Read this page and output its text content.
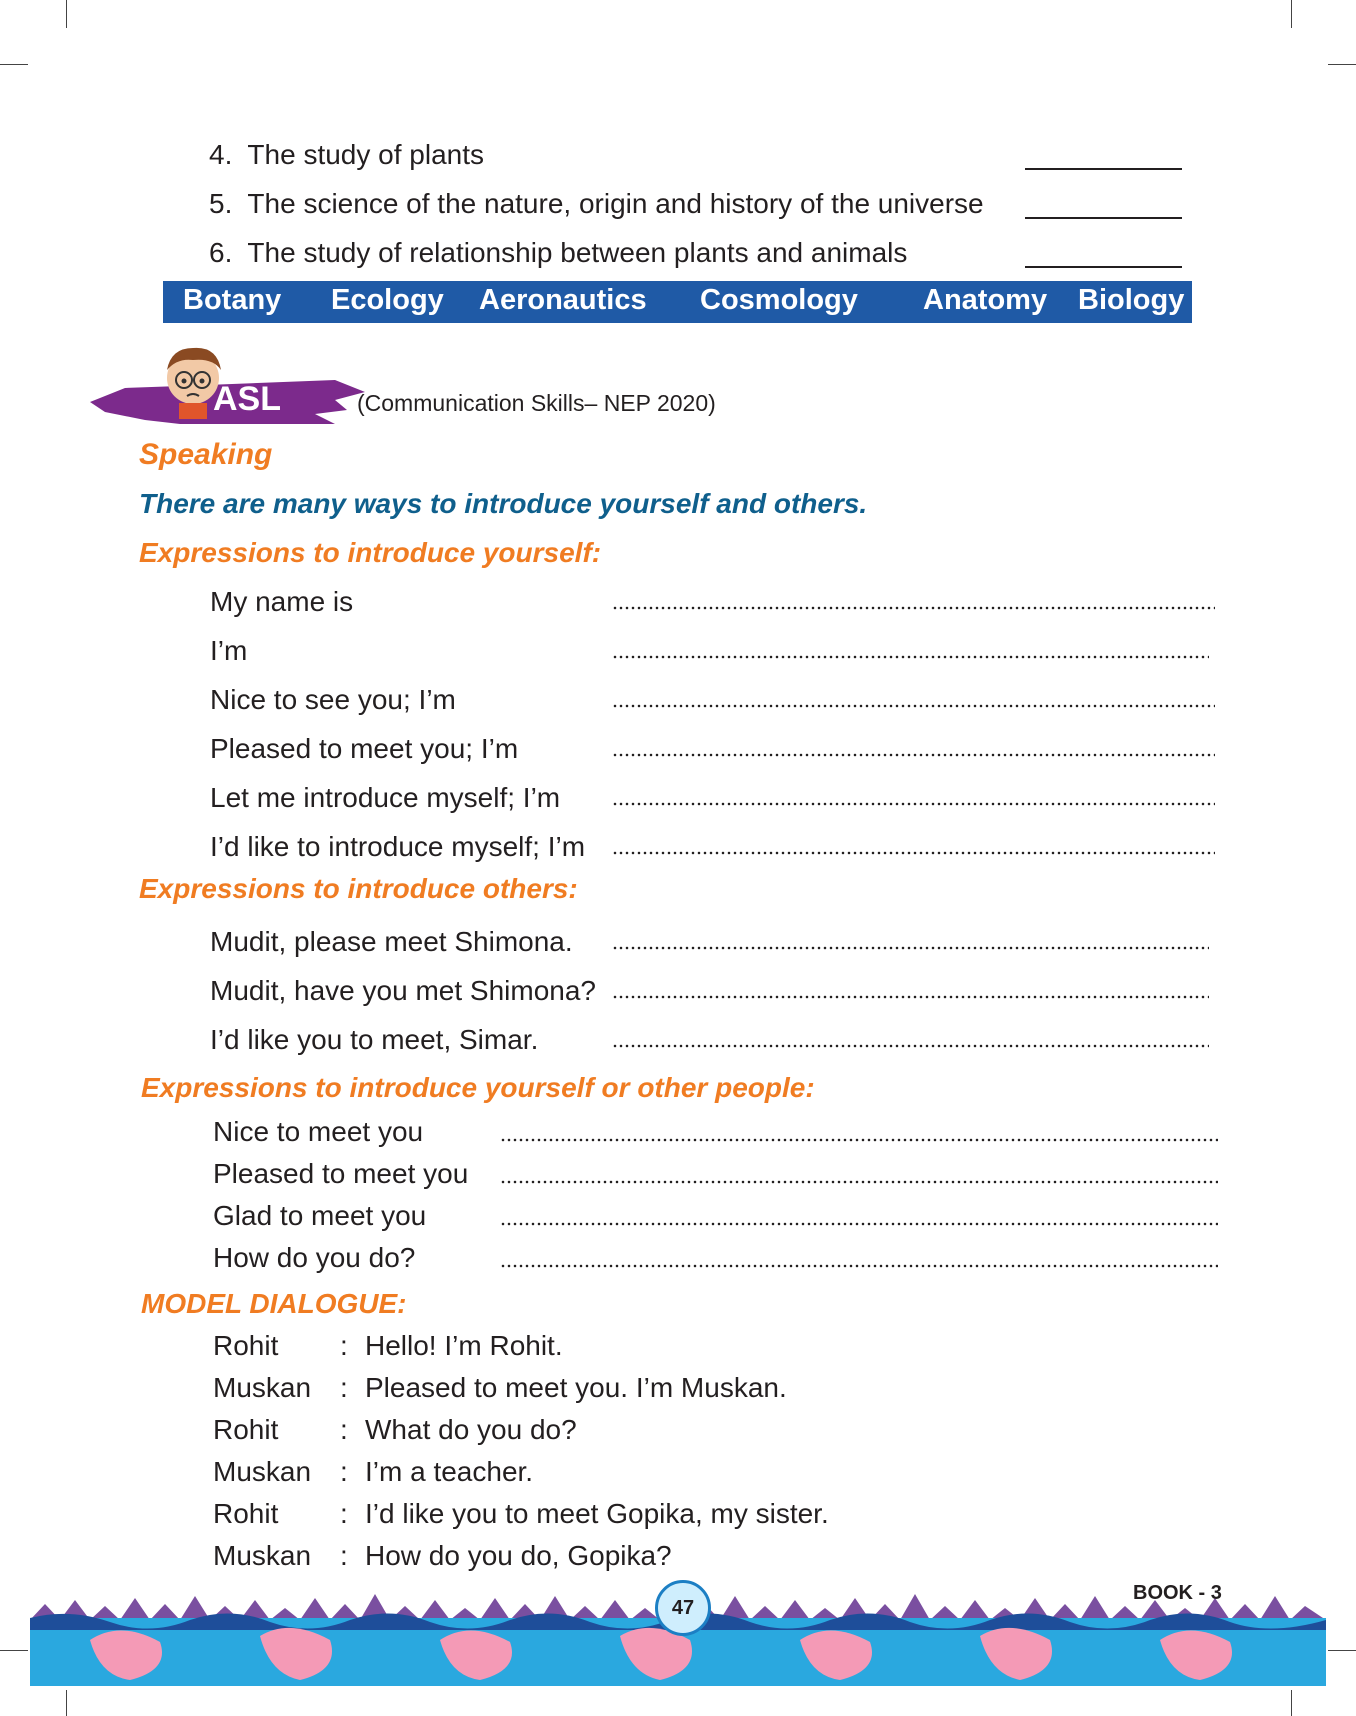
4. The study of plants
5. The science of the nature, origin and history of the universe
6. The study of relationship between plants and animals
Botany Ecology Aeronautics Cosmology Anatomy Biology
ASL	(Communication Skills– NEP 2020)
Speaking
There are many ways to introduce yourself and others.
Expressions to introduce yourself:
My name is
I’m
Nice to see you; I’m
Pleased to meet you; I’m
Let me introduce myself; I’m
I’d like to introduce myself; I’m
Expressions to introduce others:
Mudit, please meet Shimona.
Mudit, have you met Shimona?
I’d like you to meet, Simar.
Expressions to introduce yourself or other people:
Nice to meet you
Pleased to meet you
Glad to meet you
How do you do?
MODEL DIALOGUE:
Rohit : Hello! I’m Rohit.
Muskan : Pleased to meet you. I’m Muskan.
Rohit : What do you do?
Muskan : I’m a teacher.
Rohit : I’d like you to meet Gopika, my sister.
Muskan : How do you do, Gopika?
47
BOOK - 3
